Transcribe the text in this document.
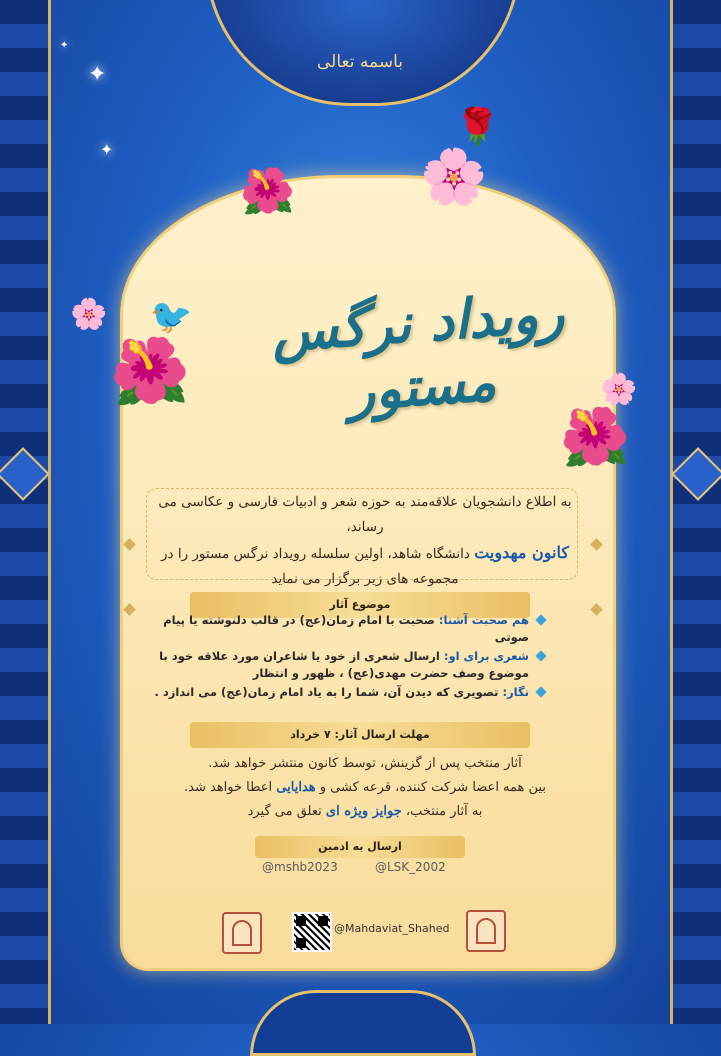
باسمه تعالی
✦
✦
✦
🌺 🌸
🌹
🌺
🌸 🐦
🌺
🌸
رویداد نرگس مستور
به اطلاع دانشجویان علاقه‌مند به حوزه شعر و ادبیات فارسی و عکاسی می رساند،
کانون مهدویت دانشگاه شاهد، اولین سلسله رویداد نرگس مستور را در
مجموعه های زیر برگزار می نماید
موضوع آثار
هم صحبت آشنا: صحبت با امام زمان(عج) در قالب دلنوشته یا پیام صوتی
شعری برای او: ارسال شعری از خود یا شاعران مورد علاقه خود با موضوع وصف حضرت مهدی(عج) ، ظهور و انتظار
نگار: تصویری که دیدن آن، شما را به یاد امام زمان(عج) می اندازد .
مهلت ارسال آثار: ۷ خرداد
آثار منتخب پس از گزینش، توسط کانون منتشر خواهد شد.
بین همه اعضا شرکت کننده، قرعه کشی و هدایایی اعطا خواهد شد.
به آثار منتخب، جوایز ویژه ای تعلق می گیرد
ارسال به ادمین
@mshb2023	@LSK_2002
@Mahdaviat_Shahed
